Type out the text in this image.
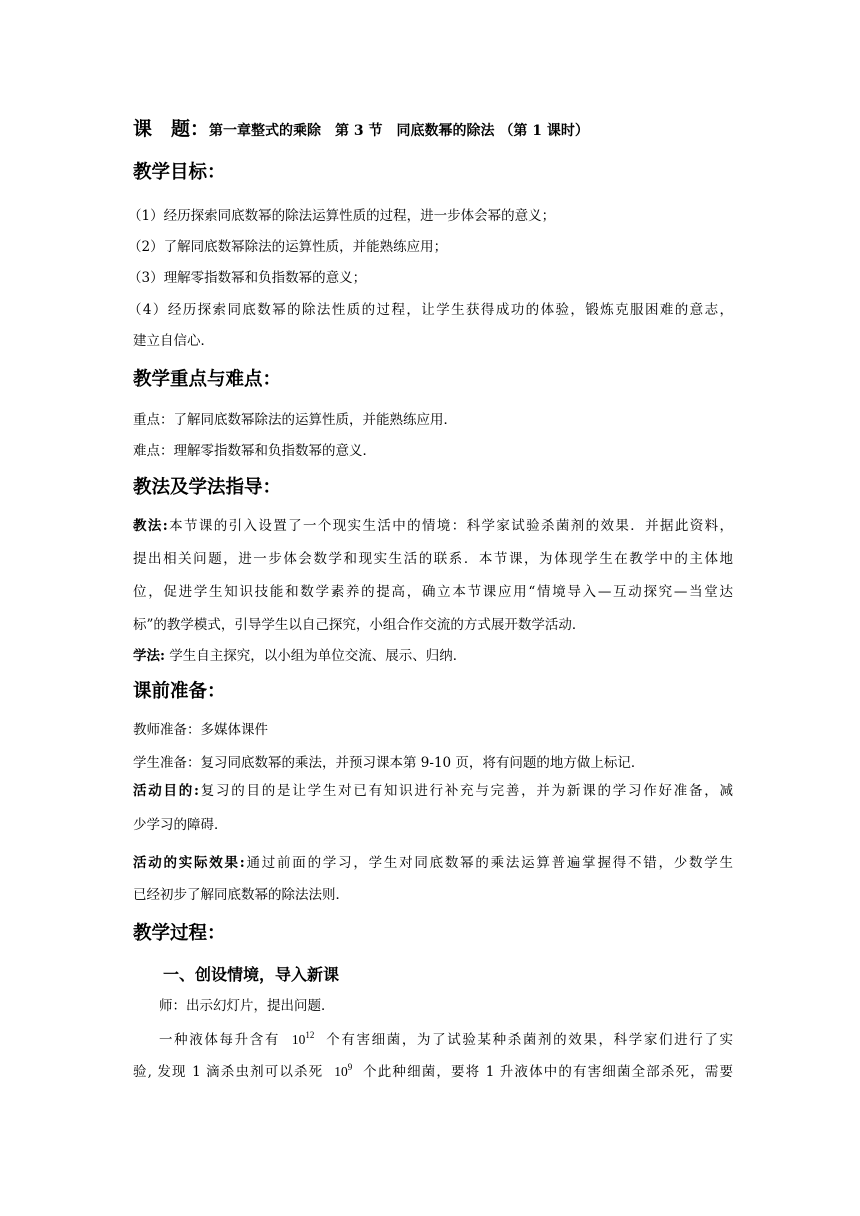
课　题：第一章整式的乘除　第 3 节　同底数幂的除法 （第 1 课时）
教学目标：
（1）经历探索同底数幂的除法运算性质的过程，进一步体会幂的意义；
（2）了解同底数幂除法的运算性质，并能熟练应用；
（3）理解零指数幂和负指数幂的意义；
（4）经历探索同底数幂的除法性质的过程，让学生获得成功的体验，锻炼克服困难的意志，
建立自信心．
教学重点与难点：
重点：了解同底数幂除法的运算性质，并能熟练应用．
难点：理解零指数幂和负指数幂的意义．
教法及学法指导：
教法:本节课的引入设置了一个现实生活中的情境：科学家试验杀菌剂的效果．并据此资料，
提出相关问题，进一步体会数学和现实生活的联系．本节课，为体现学生在教学中的主体地
位，促进学生知识技能和数学素养的提高，确立本节课应用“情境导入—互动探究—当堂达
标”的教学模式，引导学生以自己探究，小组合作交流的方式展开数学活动．
学法: 学生自主探究，以小组为单位交流、展示、归纳．
课前准备：
教师准备：多媒体课件
学生准备：复习同底数幂的乘法，并预习课本第 9-10 页，将有问题的地方做上标记．
活动目的:复习的目的是让学生对已有知识进行补充与完善，并为新课的学习作好准备，减
少学习的障碍．
活动的实际效果:通过前面的学习，学生对同底数幂的乘法运算普遍掌握得不错，少数学生
已经初步了解同底数幂的除法法则．
教学过程：
一、创设情境，导入新课
师：出示幻灯片，提出问题．
一种液体每升含有 $10^{12}$ 个有害细菌，为了试验某种杀菌剂的效果，科学家们进行了实
验, 发现 1 滴杀虫剂可以杀死 $10^9$ 个此种细菌，要将 1 升液体中的有害细菌全部杀死，需要
